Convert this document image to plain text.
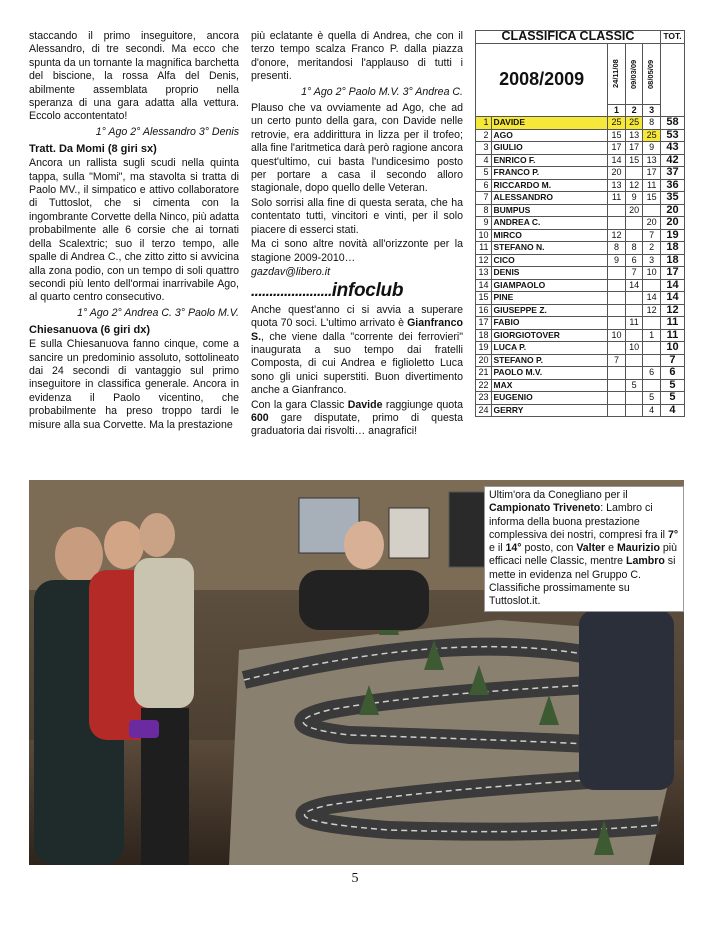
staccando il primo inseguitore, ancora Alessandro, di tre secondi. Ma ecco che spunta da un tornante la magnifica barchetta del biscione, la rossa Alfa del Denis, abilmente assemblata proprio nella speranza di una gara adatta alla vettura. Eccolo accontentato!

1° Ago 2° Alessandro 3° Denis

Tratt. Da Momi (8 giri sx)

Ancora un rallista sugli scudi nella quinta tappa, sulla "Momi", ma stavolta si tratta di Paolo MV., il simpatico e attivo collaboratore di Tuttoslot, che si cimenta con la ingombrante Corvette della Ninco, più adatta probabilmente alle 6 corsie che ai tornati della Scalextric; suo il terzo tempo, alle spalle di Andrea C., che zitto zitto si avvicina alla zona podio, con un tempo di soli quattro secondi più lento dell'ormai inarrivabile Ago, al quarto centro consecutivo.

1° Ago 2° Andrea C. 3° Paolo M.V.

Chiesanuova (6 giri dx)

E sulla Chiesanuova fanno cinque, come a sancire un predominio assoluto, sottolineato dai 24 secondi di vantaggio sul primo inseguitore in classifica generale. Ancora in evidenza il Paolo vicentino, che probabilmente ha preso troppo tardi le misure alla sua Corvette. Ma la prestazione

più eclatante è quella di Andrea, che con il terzo tempo scalza Franco P. dalla piazza d'onore, meritandosi l'applauso di tutti i presenti.

1° Ago 2° Paolo M.V. 3° Andrea C.

Plauso che va ovviamente ad Ago, che ad un certo punto della gara, con Davide nelle retrovie, era addirittura in lizza per il trofeo; alla fine l'aritmetica darà però ragione ancora quest'ultimo, cui basta l'undicesimo posto per portare a casa il secondo alloro stagionale, dopo quello delle Veteran.

Solo sorrisi alla fine di questa serata, che ha contentato tutti, vincitori e vinti, per il solo piacere di esserci stati.

Ma ci sono altre novità all'orizzonte per la stagione 2009-2010…

gazdav@libero.it

......................infoclub

Anche quest'anno ci si avvia a superare quota 70 soci. L'ultimo arrivato è Gianfranco S., che viene dalla "corrente dei ferrovieri" inaugurata a suo tempo dai fratelli Composta, di cui Andrea e figlioletto Luca sono gli unici superstiti. Buon divertimento anche a Gianfranco.

Con la gara Classic Davide raggiunge quota 600 gare disputate, primo di questa graduatoria dai risvolti… anagrafici!

CLASSIFICA CLASSIC					TOT.
2008/2009		24/11/08	09/03/09	08/05/09	

		1	2	3	
1	DAVIDE	25	25	8	58
2	AGO	15	13	25	53
3	GIULIO	17	17	9	43
4	ENRICO F.	14	15	13	42
5	FRANCO P.	20		17	37
6	RICCARDO M.	13	12	11	36
7	ALESSANDRO	11	9	15	35
8	BUMPUS		20		20
9	ANDREA C.			20	20
10	MIRCO	12		7	19
11	STEFANO N.	8	8	2	18
12	CICO	9	6	3	18
13	DENIS		7	10	17
14	GIAMPAOLO		14		14
15	PINE			14	14
16	GIUSEPPE Z.			12	12
17	FABIO		11		11
18	GIORGIOTOVER	10		1	11
19	LUCA P.		10		10
20	STEFANO P.	7			7
21	PAOLO M.V.			6	6
22	MAX		5		5
23	EUGENIO			5	5
24	GERRY			4	4
Ultim'ora da Conegliano per il Campionato Triveneto: Lambro ci informa della buona prestazione complessiva dei nostri, compresi fra il 7° e il 14° posto, con Valter e Maurizio più efficaci nelle Classic, mentre Lambro si mette in evidenza nel Gruppo C. Classifiche prossimamente su Tuttoslot.it.
5
